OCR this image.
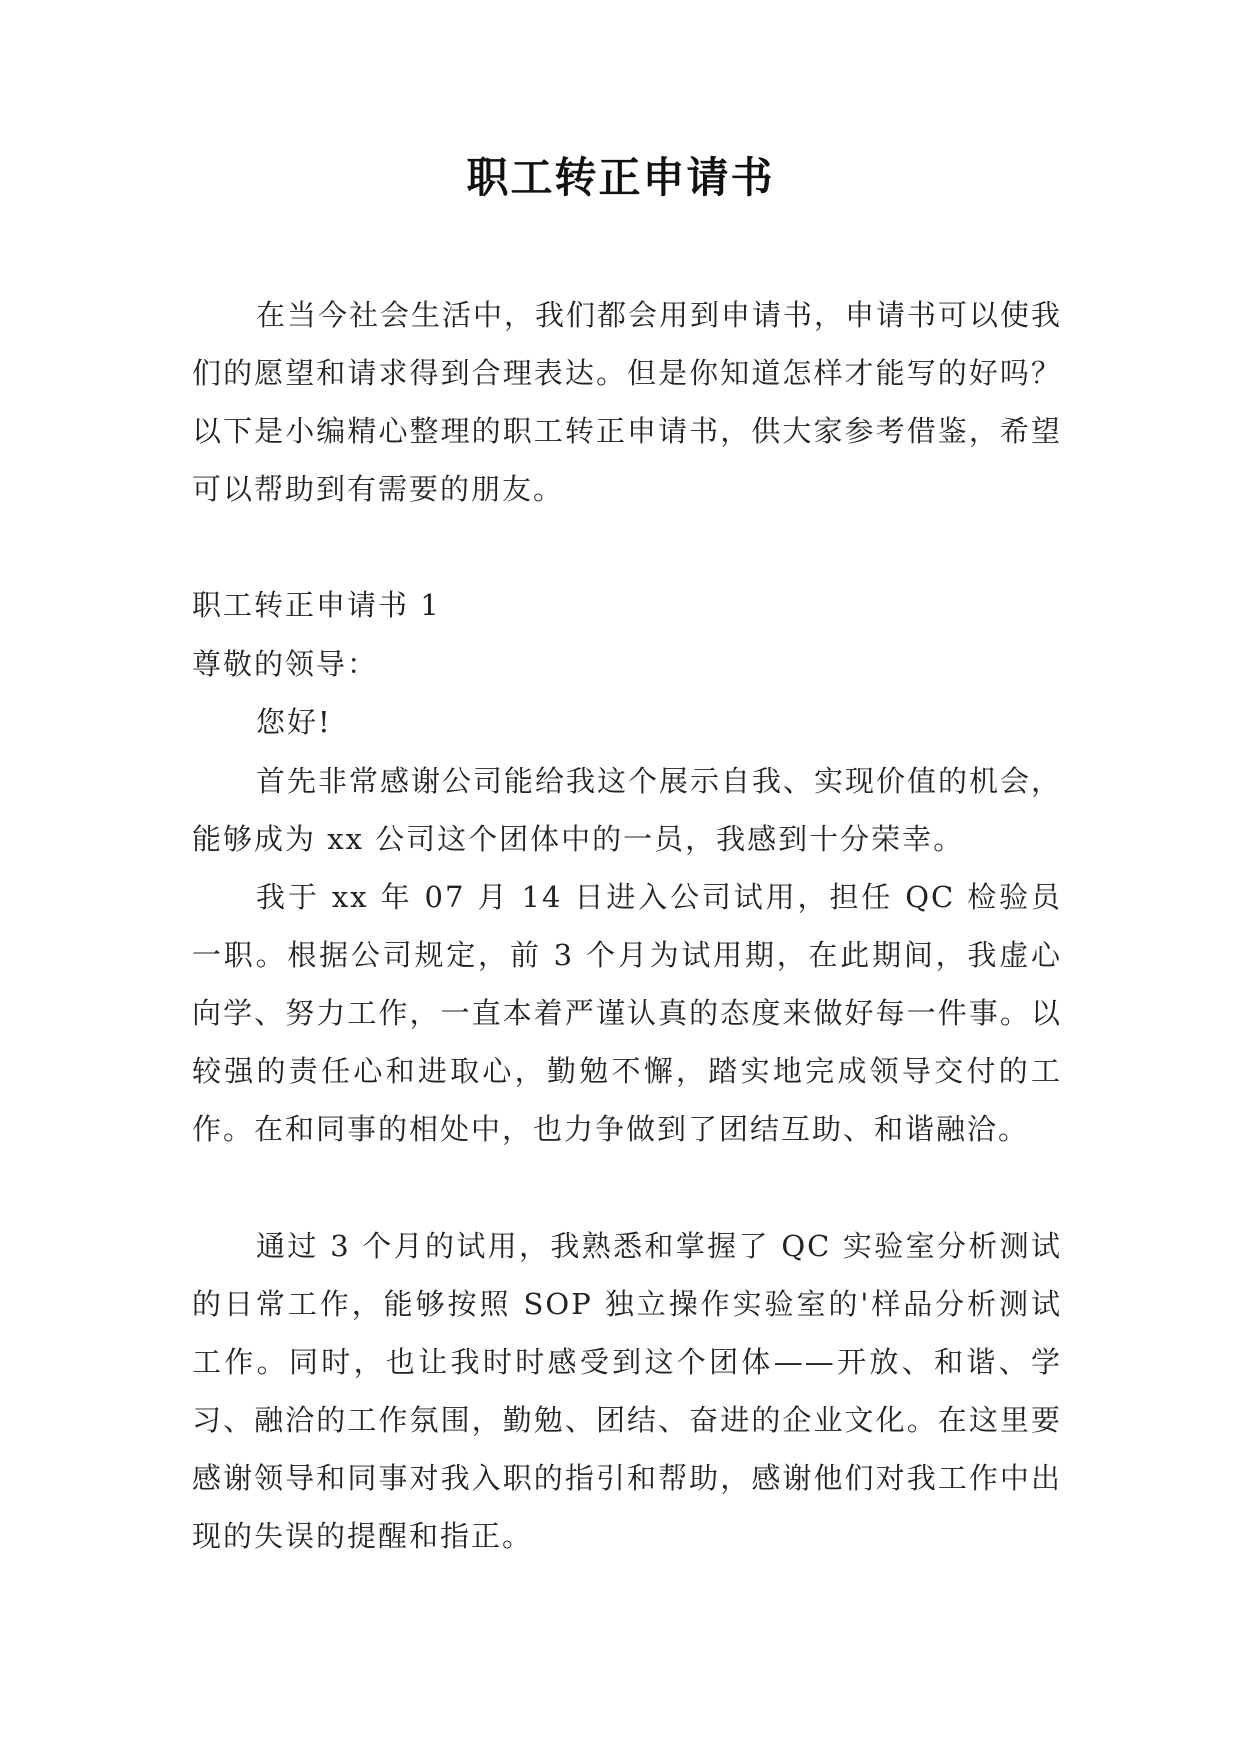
职工转正申请书

在当今社会生活中，我们都会用到申请书，申请书可以使我们的愿望和请求得到合理表达。但是你知道怎样才能写的好吗？以下是小编精心整理的职工转正申请书，供大家参考借鉴，希望可以帮助到有需要的朋友。

职工转正申请书 1

尊敬的领导：

您好!

首先非常感谢公司能给我这个展示自我、实现价值的机会，能够成为 xx 公司这个团体中的一员，我感到十分荣幸。

我于 xx 年 07 月 14 日进入公司试用，担任 QC 检验员一职。根据公司规定，前 3 个月为试用期，在此期间，我虚心向学、努力工作，一直本着严谨认真的态度来做好每一件事。以较强的责任心和进取心，勤勉不懈，踏实地完成领导交付的工作。在和同事的相处中，也力争做到了团结互助、和谐融洽。

通过 3 个月的试用，我熟悉和掌握了 QC 实验室分析测试的日常工作，能够按照 SOP 独立操作实验室的'样品分析测试工作。同时，也让我时时感受到这个团体——开放、和谐、学习、融洽的工作氛围，勤勉、团结、奋进的企业文化。在这里要感谢领导和同事对我入职的指引和帮助，感谢他们对我工作中出现的失误的提醒和指正。
